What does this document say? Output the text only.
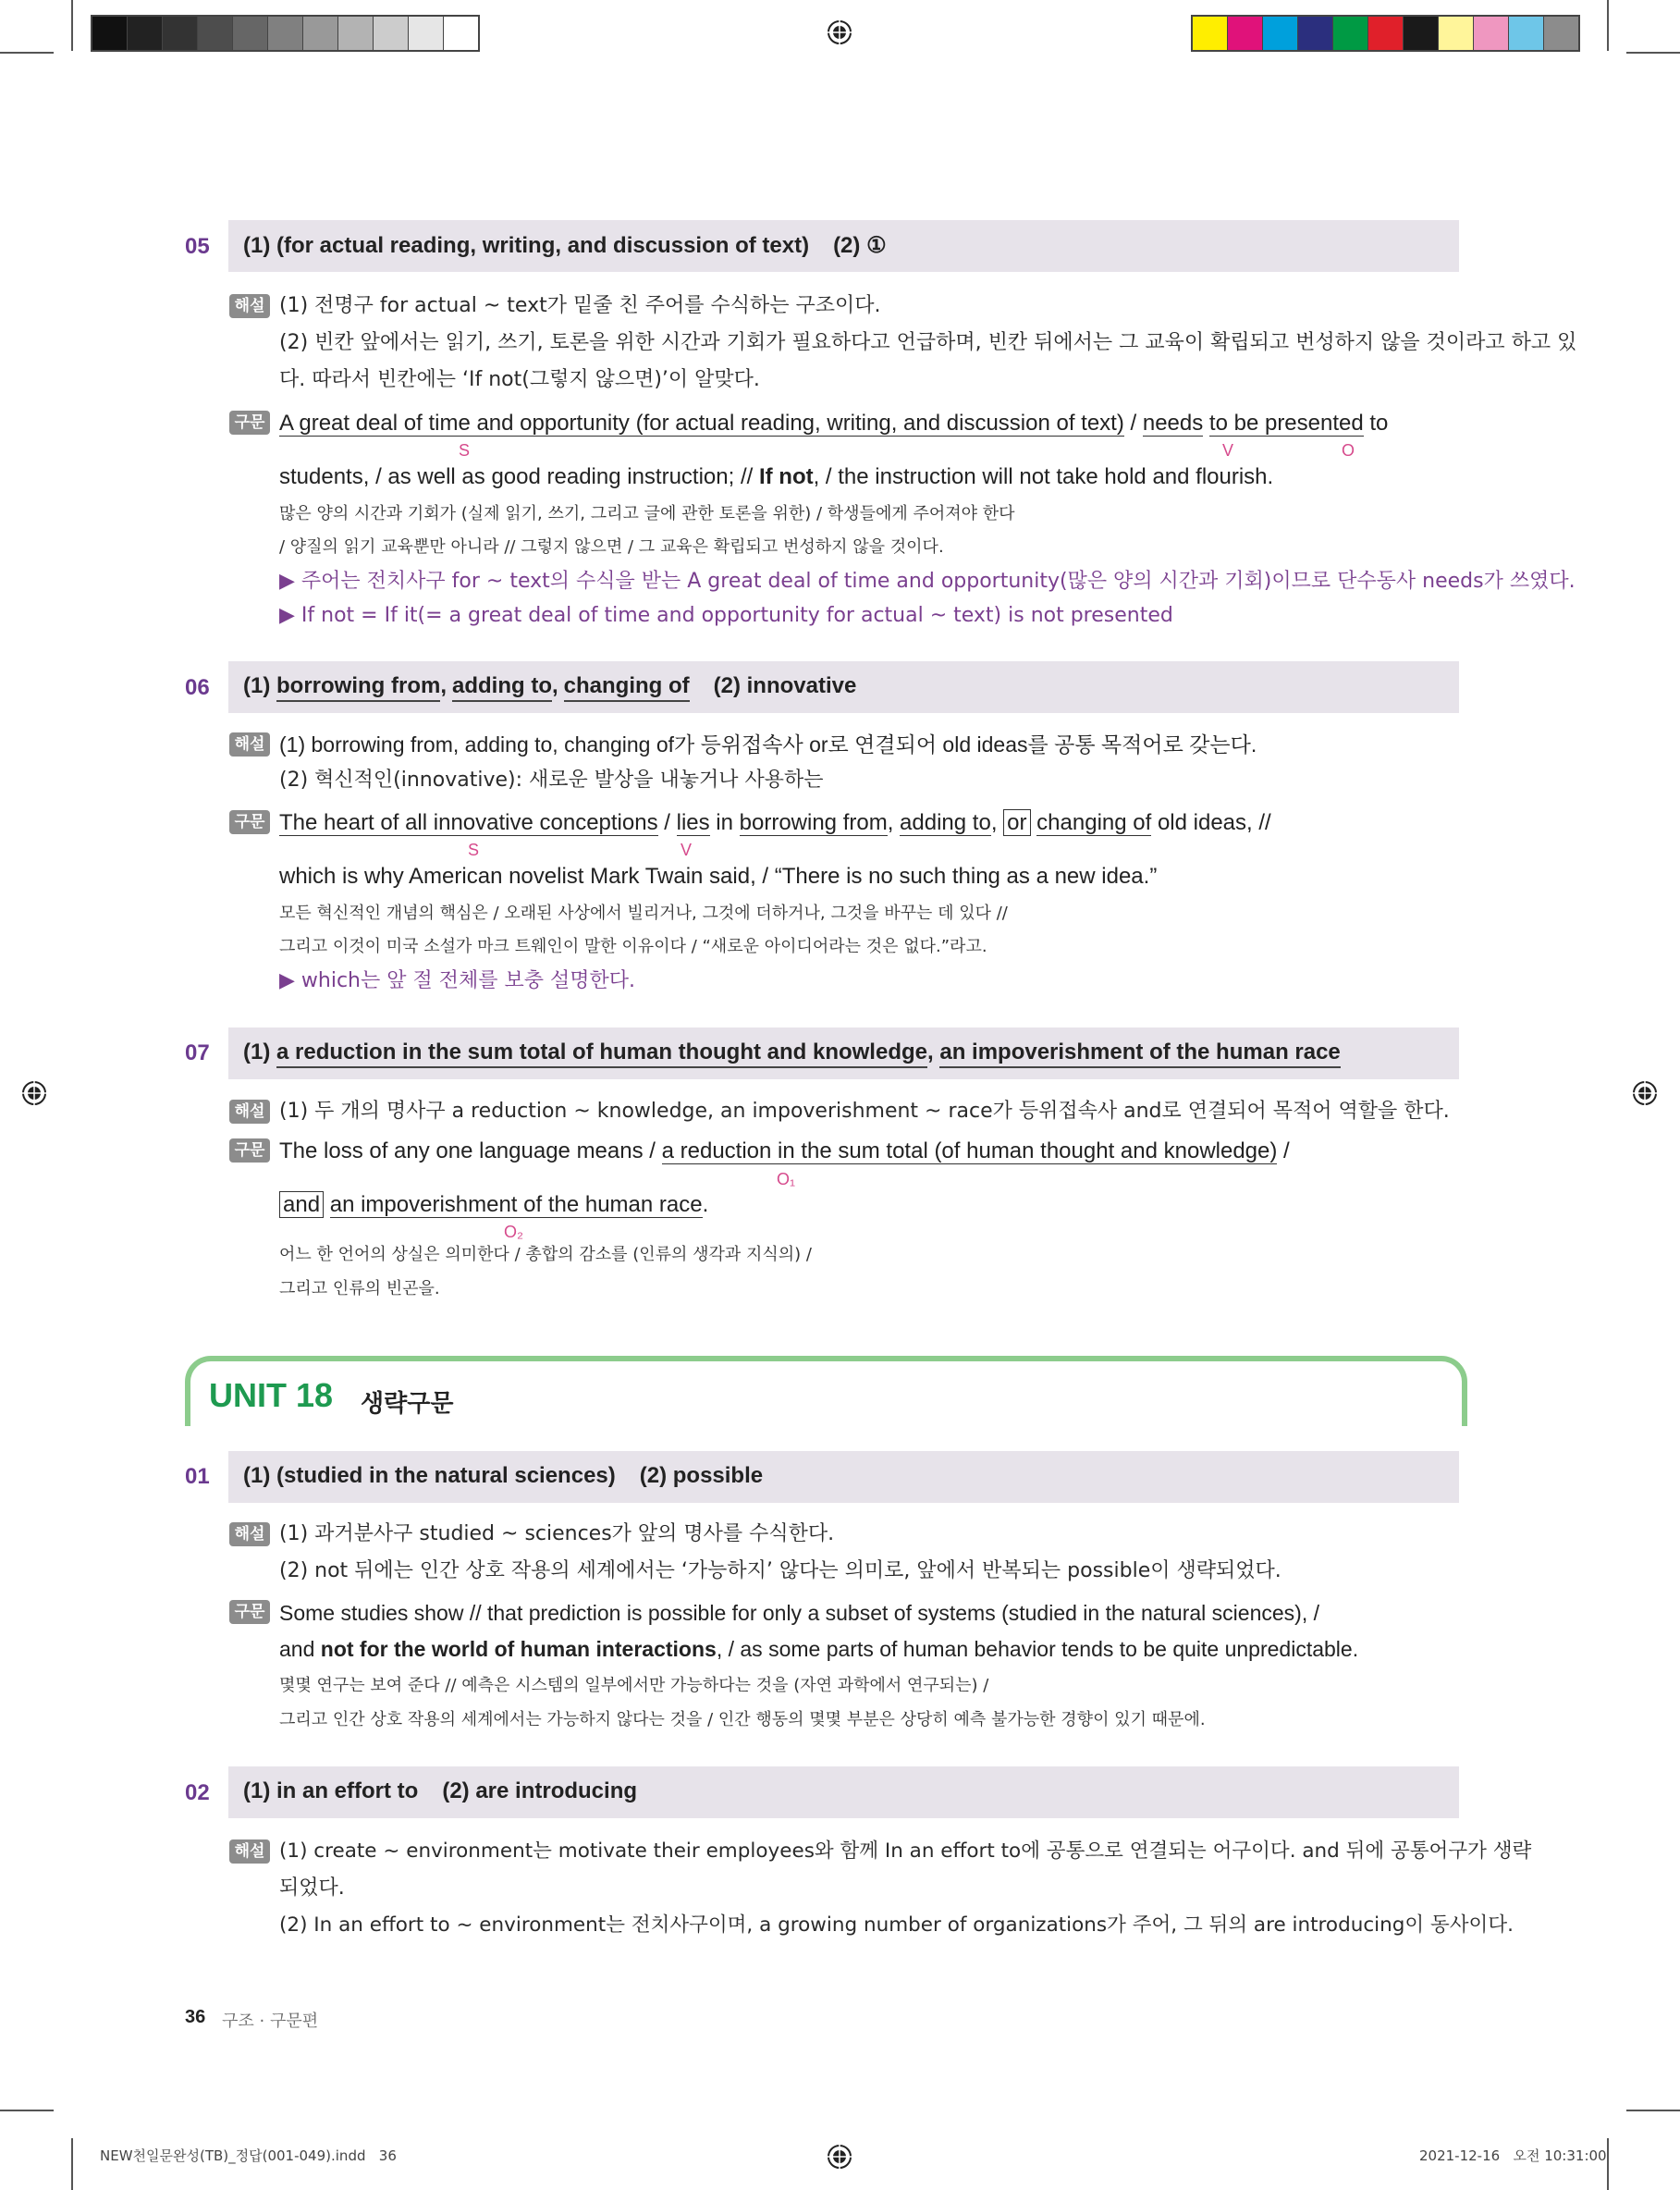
05 (1) (for actual reading, writing, and discussion of text) (2) ①
해설 (1) 전명구 for actual ~ text가 밑줄 친 주어를 수식하는 구조이다.
(2) 빈칸 앞에서는 읽기, 쓰기, 토론을 위한 시간과 기회가 필요하다고 언급하며, 빈칸 뒤에서는 그 교육이 확립되고 번성하지 않을 것이라고 하고 있
다. 따라서 빈칸에는 ‘If not(그렇지 않으면)’이 알맞다.
구문 A great deal of time and opportunity (for actual reading, writing, and discussion of text) / needs to be presented to
S	V	O
students, / as well as good reading instruction; // If not, / the instruction will not take hold and flourish.
많은 양의 시간과 기회가 (실제 읽기, 쓰기, 그리고 글에 관한 토론을 위한) / 학생들에게 주어져야 한다
/ 양질의 읽기 교육뿐만 아니라 // 그렇지 않으면 / 그 교육은 확립되고 번성하지 않을 것이다.
▶ 주어는 전치사구 for ~ text의 수식을 받는 A great deal of time and opportunity(많은 양의 시간과 기회)이므로 단수동사 needs가 쓰였다.
▶ If not = If it(= a great deal of time and opportunity for actual ~ text) is not presented
06 (1) borrowing from, adding to, changing of (2) innovative
해설 (1) borrowing from, adding to, changing of가 등위접속사 or로 연결되어 old ideas를 공통 목적어로 갖는다.
(2) 혁신적인(innovative): 새로운 발상을 내놓거나 사용하는
구문 The heart of all innovative conceptions / lies in borrowing from, adding to, or changing of old ideas, //
S	V
which is why American novelist Mark Twain said, / “There is no such thing as a new idea.”
모든 혁신적인 개념의 핵심은 / 오래된 사상에서 빌리거나, 그것에 더하거나, 그것을 바꾸는 데 있다 //
그리고 이것이 미국 소설가 마크 트웨인이 말한 이유이다 / “새로운 아이디어라는 것은 없다.”라고.
▶ which는 앞 절 전체를 보충 설명한다.
07 (1) a reduction in the sum total of human thought and knowledge, an impoverishment of the human race
해설 (1) 두 개의 명사구 a reduction ~ knowledge, an impoverishment ~ race가 등위접속사 and로 연결되어 목적어 역할을 한다.
구문 The loss of any one language means / a reduction in the sum total (of human thought and knowledge) /
O₁
and an impoverishment of the human race.
O₂
어느 한 언어의 상실은 의미한다 / 총합의 감소를 (인류의 생각과 지식의) /
그리고 인류의 빈곤을.
UNIT 18 생략구문
01 (1) (studied in the natural sciences) (2) possible
해설 (1) 과거분사구 studied ~ sciences가 앞의 명사를 수식한다.
(2) not 뒤에는 인간 상호 작용의 세계에서는 ‘가능하지’ 않다는 의미로, 앞에서 반복되는 possible이 생략되었다.
구문 Some studies show // that prediction is possible for only a subset of systems (studied in the natural sciences), /
and not for the world of human interactions, / as some parts of human behavior tends to be quite unpredictable.
몇몇 연구는 보여 준다 // 예측은 시스템의 일부에서만 가능하다는 것을 (자연 과학에서 연구되는) /
그리고 인간 상호 작용의 세계에서는 가능하지 않다는 것을 / 인간 행동의 몇몇 부분은 상당히 예측 불가능한 경향이 있기 때문에.
02 (1) in an effort to (2) are introducing
해설 (1) create ~ environment는 motivate their employees와 함께 In an effort to에 공통으로 연결되는 어구이다. and 뒤에 공통어구가 생략
되었다.
(2) In an effort to ~ environment는 전치사구이며, a growing number of organizations가 주어, 그 뒤의 are introducing이 동사이다.
36 구조 · 구문편
NEW천일문완성(TB)_정답(001-049).indd   36	2021-12-16   오전 10:31:00
